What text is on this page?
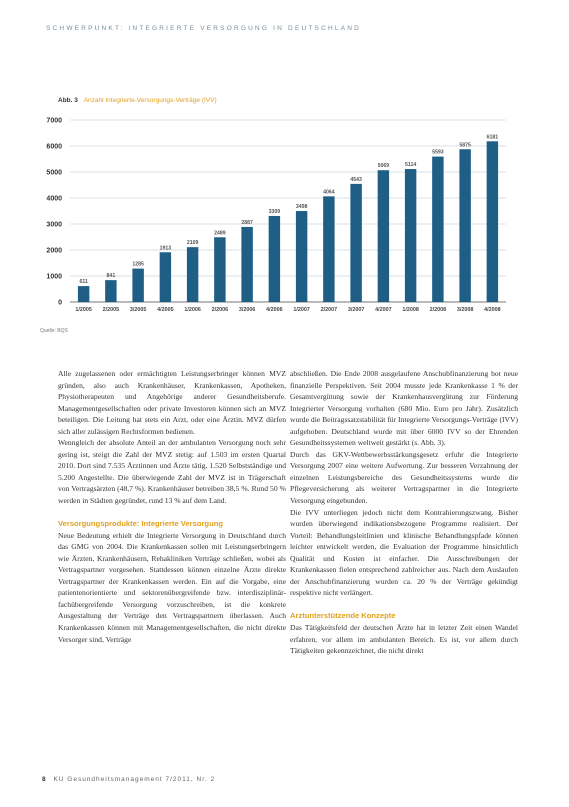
SCHWERPUNKT: INTEGRIERTE VERSORGUNG IN DEUTSCHLAND
Abb. 3 Anzahl Integrierte-Versorgungs-Verträge (IVV)
0
1000
2000
3000
4000
5000
6000
7000
611
1/2005
841
2/2005
1285
3/2005
1913
4/2005
2109
1/2006
2489
2/2006
2887
3/2006
3309
4/2006
3498
1/2007
4064
2/2007
4543
3/2007
5069
4/2007
5114
1/2008
5593
2/2008
5875
3/2008
6181
4/2008
Quelle: BQS

Alle zugelassenen oder ermächtigten Leistungserbringer können MVZ gründen, also auch Krankenhäuser, Krankenkassen, Apotheken, Physiotherapeuten und Angehörige anderer Gesundheitsberufe. Managementgesellschaften oder private Investoren können sich an MVZ beteiligen. Die Leitung hat stets ein Arzt, oder eine Ärztin. MVZ dürfen sich aller zulässigen Rechtsformen bedienen.

Wenngleich der absolute Anteil an der ambulanten Versorgung noch sehr gering ist, steigt die Zahl der MVZ stetig: auf 1.503 im ersten Quartal 2010. Dort sind 7.535 Ärztinnen und Ärzte tätig, 1.520 Selbstständige und 5.200 Angestellte. Die überwiegende Zahl der MVZ ist in Trägerschaft von Vertragsärzten (48,7 %). Krankenhäuser betreiben 38,5 %. Rund 50 % werden in Städten gegründet, rund 13 % auf dem Land.

Versorgungsprodukte: Integrierte Versorgung

Neue Bedeutung erhielt die Integrierte Versorgung in Deutschland durch das GMG von 2004. Die Krankenkassen sollen mit Leistungserbringern wie Ärzten, Krankenhäusern, Rehakliniken Verträge schließen, wobei als Vertragspartner vorgesehen. Stattdessen können einzelne Ärzte direkte Vertragspartner der Krankenkassen werden. Ein auf die Vorgabe, eine patientenorientierte und sektorenübergreifende bzw. interdisziplinär-fachübergreifende Versorgung vorzuschreiben, ist die konkrete Ausgestaltung der Verträge den Vertragspartnern überlassen. Auch Krankenkassen können mit Managementgesellschaften, die nicht direkte Versorger sind, Verträge

abschließen. Die Ende 2008 ausgelaufene Anschubfinanzierung bot neue finanzielle Perspektiven. Seit 2004 musste jede Krankenkasse 1 % der Gesamtvergütung sowie der Krankenhausvergütung zur Förderung Integrierter Versorgung vorhalten (680 Mio. Euro pro Jahr). Zusätzlich wurde die Beitragssatzstabilität für Integrierte Versorgungs-Verträge (IVV) aufgehoben. Deutschland wurde mit über 6000 IVV so der Ehrenden Gesundheitssystemen weltweit gestärkt (s. Abb. 3).

Durch das GKV-Wettbewerbsstärkungsgesetz erfuhr die Integrierte Versorgung 2007 eine weitere Aufwertung. Zur besseren Verzahnung der einzelnen Leistungsbereiche des Gesundheitssystems wurde die Pflegeversicherung als weiterer Vertragspartner in die Integrierte Versorgung eingebunden.

Die IVV unterliegen jedoch nicht dem Kontrahierungszwang. Bisher wurden überwiegend indikationsbezogene Programme realisiert. Der Vorteil: Behandlungsleitlinien und klinische Behandlungspfade können leichter entwickelt werden, die Evaluation der Programme hinsichtlich Qualität und Kosten ist einfacher. Die Ausschreibungen der Krankenkassen fielen entsprechend zahlreicher aus. Nach dem Auslaufen der Anschubfinanzierung wurden ca. 20 % der Verträge gekündigt respektive nicht verlängert.

Arztunterstützende Konzepte

Das Tätigkeitsfeld der deutschen Ärzte hat in letzter Zeit einen Wandel erfahren, vor allem im ambulanten Bereich. Es ist, vor allem durch Tätigkeiten gekennzeichnet, die nicht direkt

8 KU Gesundheitsmanagement 7/2011, Nr. 2
